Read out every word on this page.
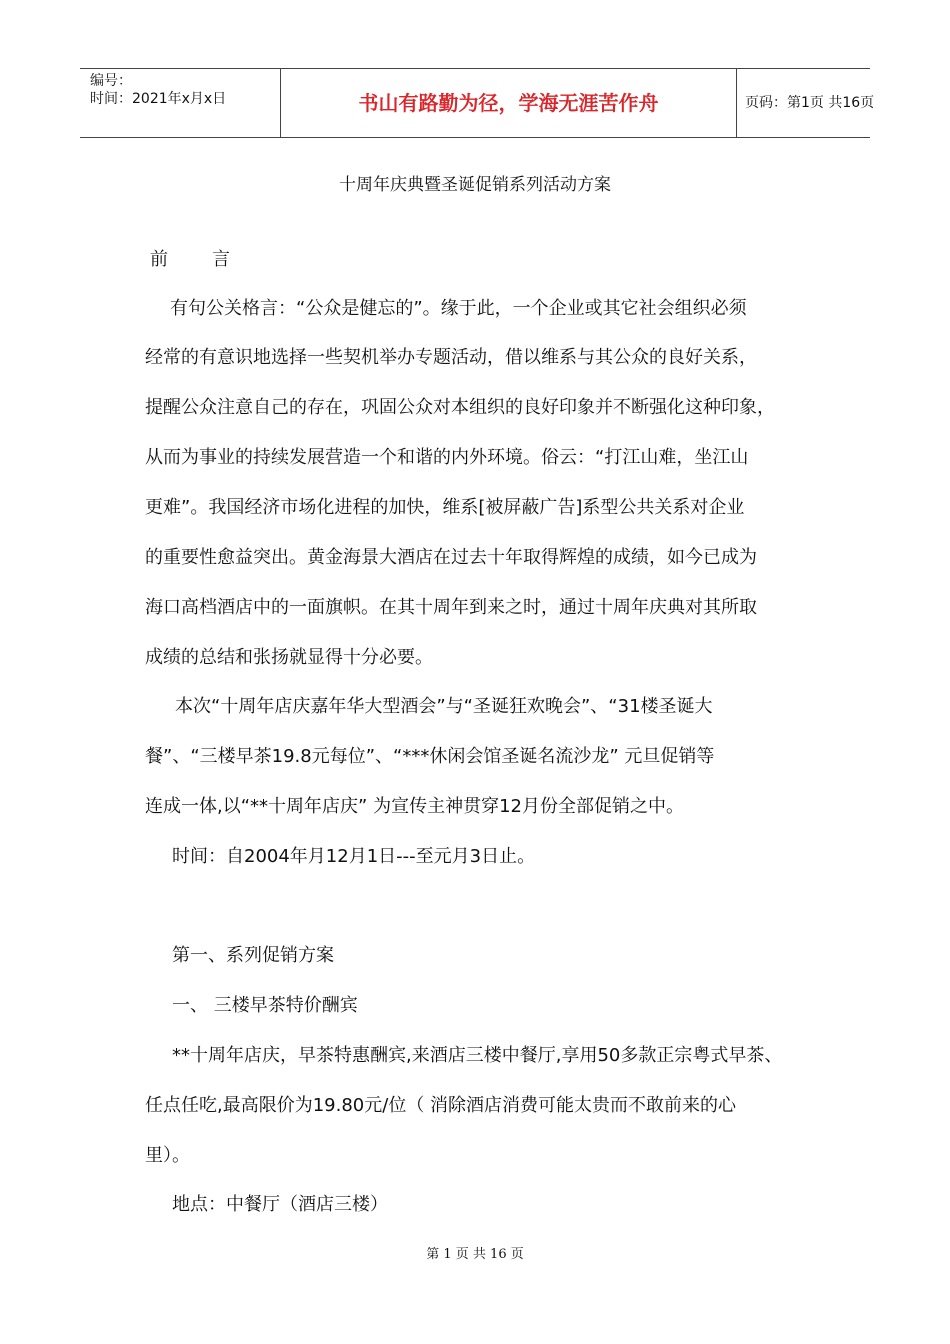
编号：
时间：2021年x月x日	书山有路勤为径，学海无涯苦作舟	页码：第1页 共16页
十周年庆典暨圣诞促销系列活动方案
前 言
有句公关格言：“公众是健忘的”。缘于此，一个企业或其它社会组织必须
经常的有意识地选择一些契机举办专题活动，借以维系与其公众的良好关系，
提醒公众注意自己的存在，巩固公众对本组织的良好印象并不断强化这种印象，
从而为事业的持续发展营造一个和谐的内外环境。俗云：“打江山难，坐江山
更难”。我国经济市场化进程的加快，维系[被屏蔽广告]系型公共关系对企业
的重要性愈益突出。黄金海景大酒店在过去十年取得辉煌的成绩，如今已成为
海口高档酒店中的一面旗帜。在其十周年到来之时，通过十周年庆典对其所取
成绩的总结和张扬就显得十分必要。
本次“十周年店庆嘉年华大型酒会”与“圣诞狂欢晚会”、“31楼圣诞大
餐”、“三楼早茶19.8元每位”、“***休闲会馆圣诞名流沙龙” 元旦促销等
连成一体,以“**十周年店庆” 为宣传主神贯穿12月份全部促销之中。
时间：自2004年月12月1日---至元月3日止。
第一、系列促销方案
一、 三楼早茶特价酬宾
**十周年店庆，早茶特惠酬宾,来酒店三楼中餐厅,享用50多款正宗粤式早茶、
任点任吃,最高限价为19.80元/位（ 消除酒店消费可能太贵而不敢前来的心
里）。
地点：中餐厅（酒店三楼）
第 1 页 共 16 页
